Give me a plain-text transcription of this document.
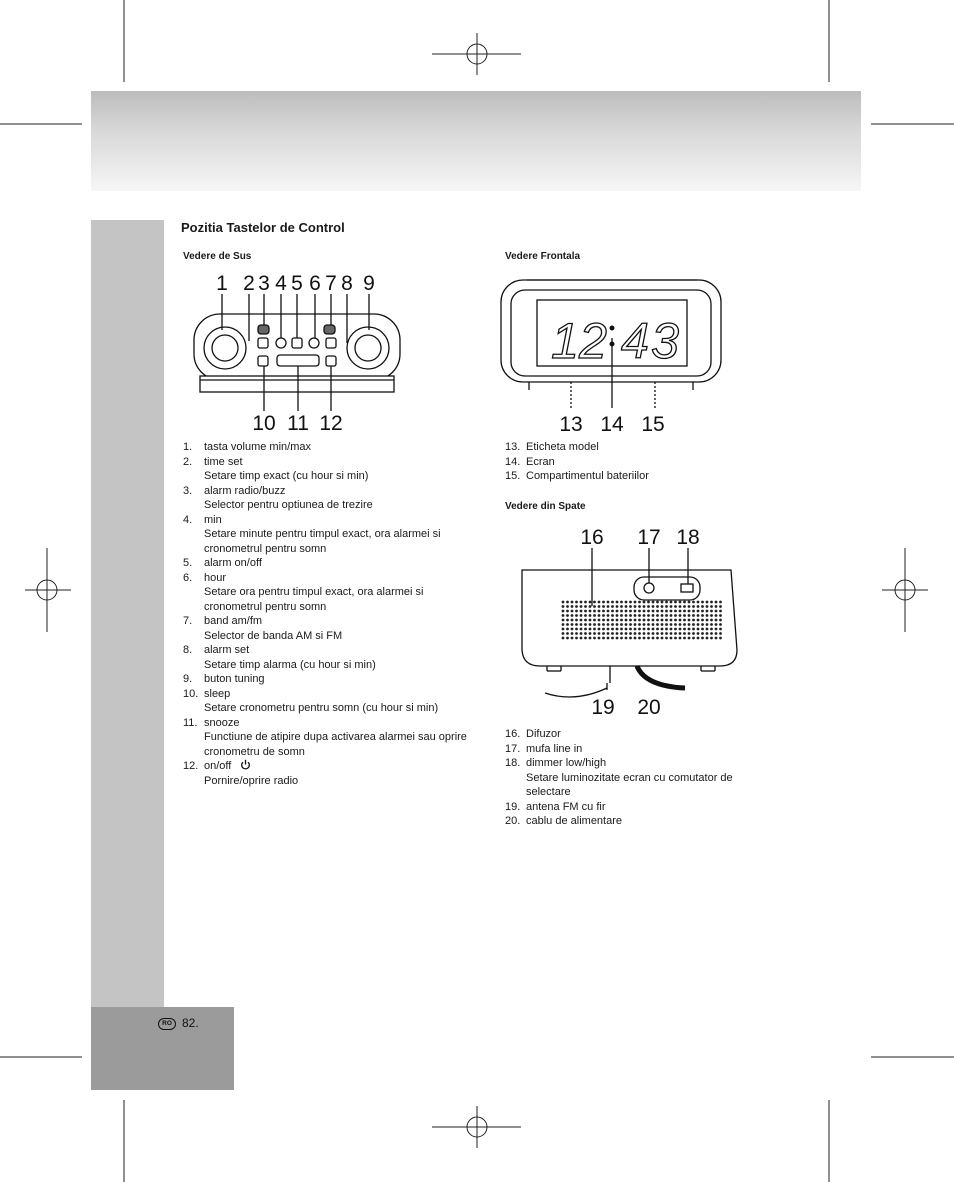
RO 82.
Pozitia Tastelor de Control
Vedere de Sus	Vedere Frontala
Vedere din Spate
1 2 3 4 5 6 7 8 9
10 11 12
1 2 4 3
13 14 15
16 17 18
19 20
1. tasta volume min/max
2. time set
Setare timp exact (cu hour si min)
3. alarm radio/buzz
Selector pentru optiunea de trezire
4. min
Setare minute pentru timpul exact, ora alarmei si cronometrul pentru somn
5. alarm on/off
6. hour
Setare ora pentru timpul exact, ora alarmei si cronometrul pentru somn
7. band am/fm
Selector de banda AM si FM
8. alarm set
Setare timp alarma (cu hour si min)
9. buton tuning
10. sleep
Setare cronometru pentru somn (cu hour si min)
11. snooze
Functiune de atipire dupa activarea alarmei sau oprire cronometru de somn
12. on/off
Pornire/oprire radio
13. Eticheta model
14. Ecran
15. Compartimentul bateriilor
16. Difuzor
17. mufa line in
18. dimmer low/high
Setare luminozitate ecran cu comutator de selectare
19. antena FM cu fir
20. cablu de alimentare
